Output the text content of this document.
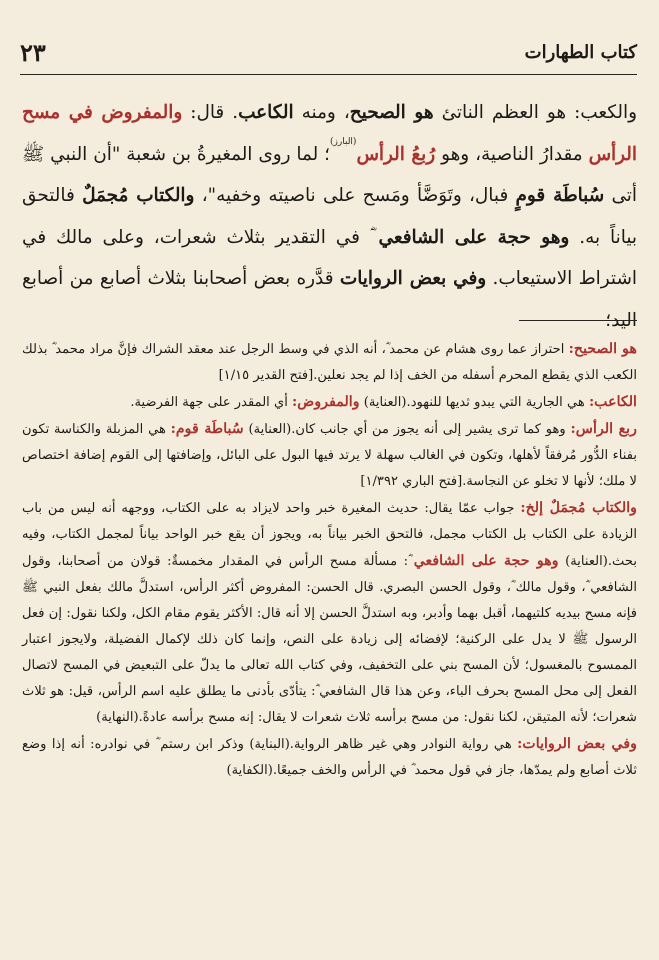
كتاب الطهارات
٢٣

والكعب: هو العظم الناتئ هو الصحيح، ومنه الكاعب. قال: والمفروض في مسح الرأس مقدارُ الناصية، وهو رُبعُ الرأس$^{(البارز)}$؛ لما روى المغيرةُ بن شعبة "أن النبي ﷺ أتى سُباطَة قومٍ فبال، وتَوَضَّأ ومَسح على ناصيته وخفيه"، والكتاب مُجمَلٌ فالتحق بياناً به. وهو حجة على الشافعي ؓ في التقدير بثلاث شعرات، وعلى مالك في اشتراط الاستيعاب. وفي بعض الروايات قدَّره بعض أصحابنا بثلاث أصابع من أصابع اليد؛

هو الصحيح: احتراز عما روى هشام عن محمد ؓ، أنه الذي في وسط الرجل عند معقد الشراك فإنَّ مراد محمد ؓ بذلك الكعب الذي يقطع المحرم أسفله من الخف إذا لم يجد نعلين.[فتح القدير ١/١٥]

الكاعب: هي الجارية التي يبدو ثديها للنهود.(العناية) والمفروض: أي المقدر على جهة الفرضية.

ربع الرأس: وهو كما ترى يشير إلى أنه يجوز من أي جانب كان.(العناية) سُباطَة قوم: هي المزبلة والكناسة تكون بفناء الدُّور مُرفقاً لأهلها، وتكون في الغالب سهلة لا يرتد فيها البول على البائل، وإضافتها إلى القوم إضافة اختصاص لا ملك؛ لأنها لا تخلو عن النجاسة.[فتح الباري ١/٣٩٢]

والكتاب مُجمَلٌ إلخ: جواب عمّا يقال: حديث المغيرة خبر واحد لايزاد به على الكتاب، ووجهه أنه ليس من باب الزيادة على الكتاب بل الكتاب مجمل، فالتحق الخبر بياناً به، ويجوز أن يقع خبر الواحد بياناً لمجمل الكتاب، وفيه بحث.(العناية) وهو حجة على الشافعي ؓ: مسألة مسح الرأس في المقدار مخمسةٌ: قولان من أصحابنا، وقول الشافعي ؓ، وقول مالك ؓ، وقول الحسن البصري. قال الحسن: المفروض أكثر الرأس، استدلَّ مالك بفعل النبي ﷺ فإنه مسح بيديه كلتيهما، أقبل بهما وأدبر، وبه استدلَّ الحسن إلا أنه قال: الأكثر يقوم مقام الكل، ولكنا نقول: إن فعل الرسول ﷺ لا يدل على الركنية؛ لإفضائه إلى زيادة على النص، وإنما كان ذلك لإكمال الفضيلة، ولايجوز اعتبار الممسوح بالمغسول؛ لأن المسح بني على التخفيف، وفي كتاب الله تعالى ما يدلّ على التبعيض في المسح لاتصال الفعل إلى محل المسح بحرف الباء، وعن هذا قال الشافعي ؓ: يتأدّى بأدنى ما يطلق عليه اسم الرأس، قيل: هو ثلاث شعرات؛ لأنه المتيقن، لكنا نقول: من مسح برأسه ثلاث شعرات لا يقال: إنه مسح برأسه عادةً.(النهاية)

وفي بعض الروايات: هي رواية النوادر وهي غير ظاهر الرواية.(البناية) وذكر ابن رستم ؓ في نوادره: أنه إذا وضع ثلاث أصابع ولم يمدّها، جاز في قول محمد ؓ في الرأس والخف جميعًا.(الكفاية)
